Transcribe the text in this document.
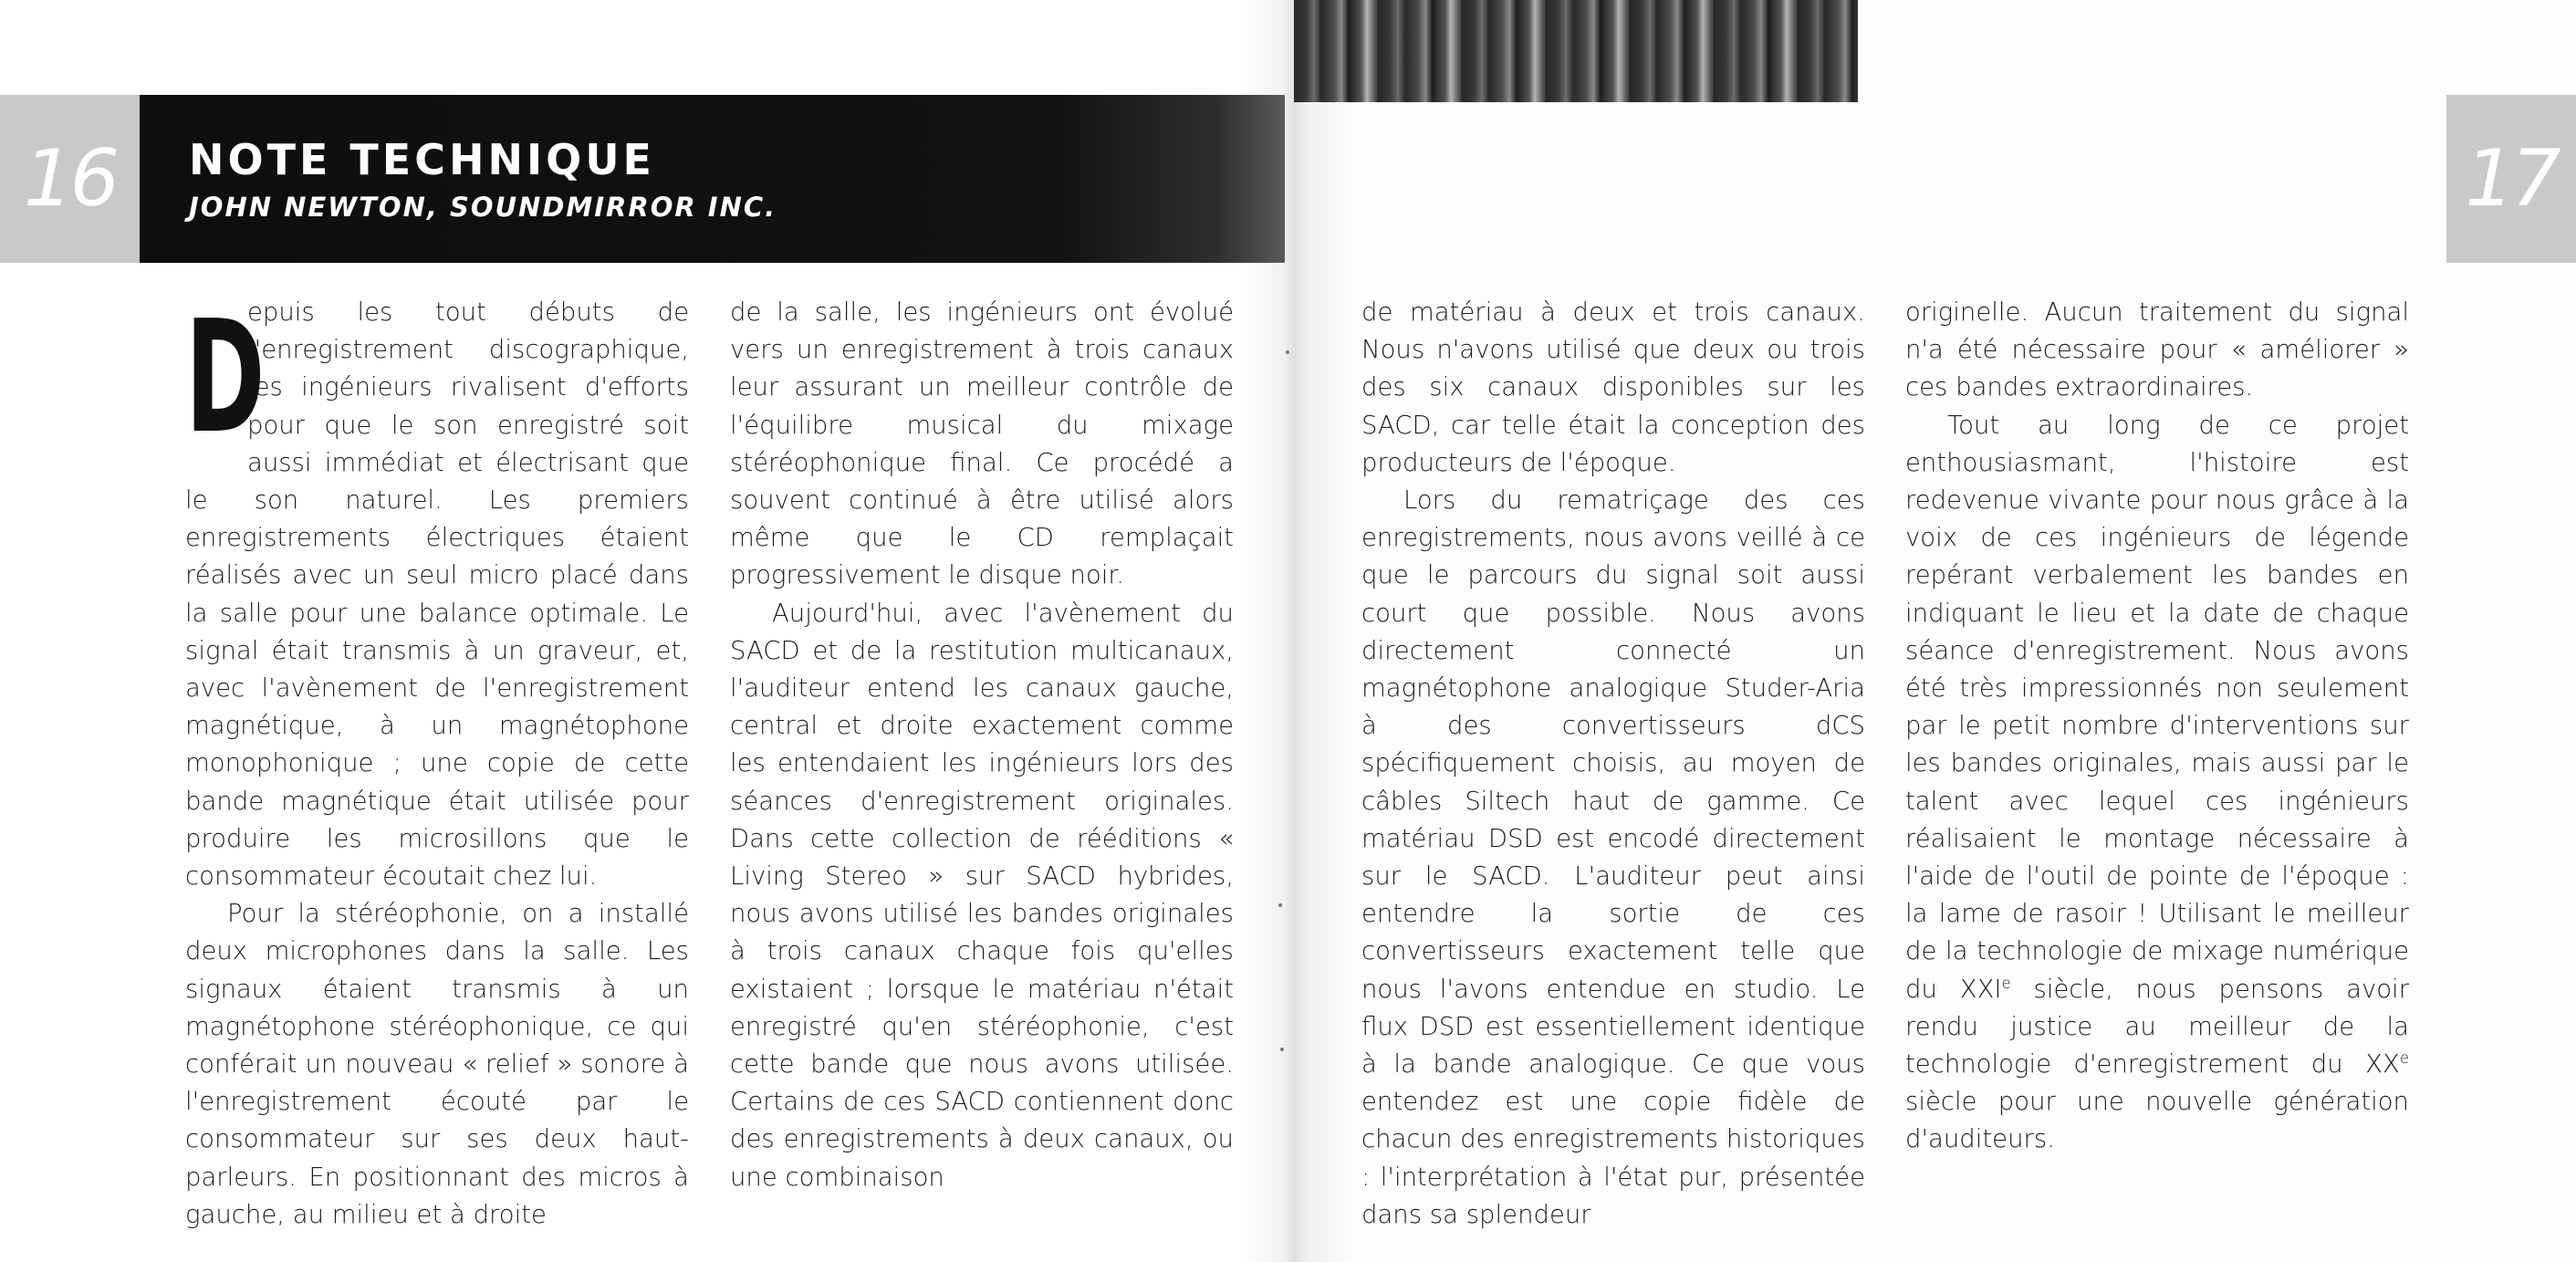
16	17
NOTE TECHNIQUE
JOHN NEWTON, SOUNDMIRROR INC.
D

epuis les tout débuts de l'enregistrement discographique, les ingénieurs rivalisent d'efforts pour que le son enregistré soit aussi immédiat et électrisant que le son naturel. Les premiers enregistrements électriques étaient réalisés avec un seul micro placé dans la salle pour une balance optimale. Le signal était transmis à un graveur, et, avec l'avènement de l'enregistrement magnétique, à un magnétophone monophonique ; une copie de cette bande magnétique était utilisée pour produire les microsillons que le consommateur écoutait chez lui.

Pour la stéréophonie, on a installé deux microphones dans la salle. Les signaux étaient transmis à un magnétophone stéréophonique, ce qui conférait un nouveau « relief » sonore à l'enregistrement écouté par le consommateur sur ses deux haut-parleurs. En positionnant des micros à gauche, au milieu et à droite

de la salle, les ingénieurs ont évolué vers un enregistrement à trois canaux leur assurant un meilleur contrôle de l'équilibre musical du mixage stéréophonique final. Ce procédé a souvent continué à être utilisé alors même que le CD remplaçait progressivement le disque noir.

Aujourd'hui, avec l'avènement du SACD et de la restitution multicanaux, l'auditeur entend les canaux gauche, central et droite exactement comme les entendaient les ingénieurs lors des séances d'enregistrement originales. Dans cette collection de rééditions « Living Stereo » sur SACD hybrides, nous avons utilisé les bandes originales à trois canaux chaque fois qu'elles existaient ; lorsque le matériau n'était enregistré qu'en stéréophonie, c'est cette bande que nous avons utilisée. Certains de ces SACD contiennent donc des enregistrements à deux canaux, ou une combinaison

de matériau à deux et trois canaux. Nous n'avons utilisé que deux ou trois des six canaux disponibles sur les SACD, car telle était la conception des producteurs de l'époque.

Lors du rematriçage des ces enregistrements, nous avons veillé à ce que le parcours du signal soit aussi court que possible. Nous avons directement connecté un magnétophone analogique Studer-Aria à des convertisseurs dCS spécifiquement choisis, au moyen de câbles Siltech haut de gamme. Ce matériau DSD est encodé directement sur le SACD. L'auditeur peut ainsi entendre la sortie de ces convertisseurs exactement telle que nous l'avons entendue en studio. Le flux DSD est essentiellement identique à la bande analogique. Ce que vous entendez est une copie fidèle de chacun des enregistrements historiques : l'interprétation à l'état pur, présentée dans sa splendeur

originelle. Aucun traitement du signal n'a été nécessaire pour « améliorer » ces bandes extraordinaires.

Tout au long de ce projet enthousiasmant, l'histoire est redevenue vivante pour nous grâce à la voix de ces ingénieurs de légende repérant verbalement les bandes en indiquant le lieu et la date de chaque séance d'enregistrement. Nous avons été très impressionnés non seulement par le petit nombre d'interventions sur les bandes originales, mais aussi par le talent avec lequel ces ingénieurs réalisaient le montage nécessaire à l'aide de l'outil de pointe de l'époque : la lame de rasoir ! Utilisant le meilleur de la technologie de mixage numérique du XXIe siècle, nous pensons avoir rendu justice au meilleur de la technologie d'enregistrement du XXe siècle pour une nouvelle génération d'auditeurs.
